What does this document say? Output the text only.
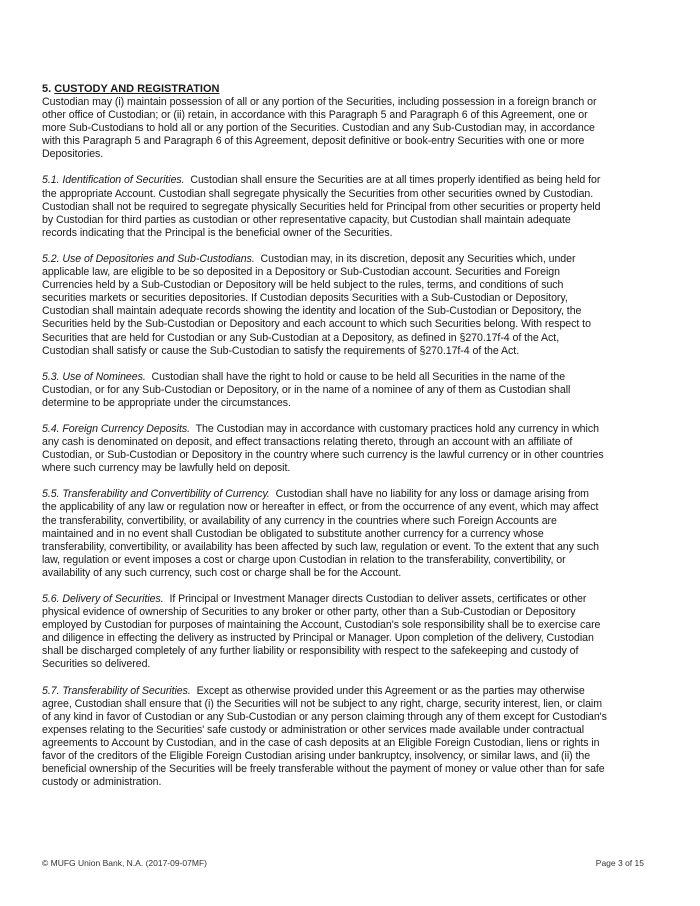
5. CUSTODY AND REGISTRATION

Custodian may (i) maintain possession of all or any portion of the Securities, including possession in a foreign branch or
other office of Custodian; or (ii) retain, in accordance with this Paragraph 5 and Paragraph 6 of this Agreement, one or
more Sub-Custodians to hold all or any portion of the Securities. Custodian and any Sub-Custodian may, in accordance
with this Paragraph 5 and Paragraph 6 of this Agreement, deposit definitive or book-entry Securities with one or more
Depositories.

5.1. Identification of Securities.  Custodian shall ensure the Securities are at all times properly identified as being held for
the appropriate Account. Custodian shall segregate physically the Securities from other securities owned by Custodian.
Custodian shall not be required to segregate physically Securities held for Principal from other securities or property held
by Custodian for third parties as custodian or other representative capacity, but Custodian shall maintain adequate
records indicating that the Principal is the beneficial owner of the Securities.

5.2. Use of Depositories and Sub-Custodians.  Custodian may, in its discretion, deposit any Securities which, under
applicable law, are eligible to be so deposited in a Depository or Sub-Custodian account. Securities and Foreign
Currencies held by a Sub-Custodian or Depository will be held subject to the rules, terms, and conditions of such
securities markets or securities depositories. If Custodian deposits Securities with a Sub-Custodian or Depository,
Custodian shall maintain adequate records showing the identity and location of the Sub-Custodian or Depository, the
Securities held by the Sub-Custodian or Depository and each account to which such Securities belong. With respect to
Securities that are held for Custodian or any Sub-Custodian at a Depository, as defined in §270.17f-4 of the Act,
Custodian shall satisfy or cause the Sub-Custodian to satisfy the requirements of §270.17f-4 of the Act.

5.3. Use of Nominees.  Custodian shall have the right to hold or cause to be held all Securities in the name of the
Custodian, or for any Sub-Custodian or Depository, or in the name of a nominee of any of them as Custodian shall
determine to be appropriate under the circumstances.

5.4. Foreign Currency Deposits.  The Custodian may in accordance with customary practices hold any currency in which
any cash is denominated on deposit, and effect transactions relating thereto, through an account with an affiliate of
Custodian, or Sub-Custodian or Depository in the country where such currency is the lawful currency or in other countries
where such currency may be lawfully held on deposit.

5.5. Transferability and Convertibility of Currency.  Custodian shall have no liability for any loss or damage arising from
the applicability of any law or regulation now or hereafter in effect, or from the occurrence of any event, which may affect
the transferability, convertibility, or availability of any currency in the countries where such Foreign Accounts are
maintained and in no event shall Custodian be obligated to substitute another currency for a currency whose
transferability, convertibility, or availability has been affected by such law, regulation or event. To the extent that any such
law, regulation or event imposes a cost or charge upon Custodian in relation to the transferability, convertibility, or
availability of any such currency, such cost or charge shall be for the Account.

5.6. Delivery of Securities.  If Principal or Investment Manager directs Custodian to deliver assets, certificates or other
physical evidence of ownership of Securities to any broker or other party, other than a Sub-Custodian or Depository
employed by Custodian for purposes of maintaining the Account, Custodian's sole responsibility shall be to exercise care
and diligence in effecting the delivery as instructed by Principal or Manager. Upon completion of the delivery, Custodian
shall be discharged completely of any further liability or responsibility with respect to the safekeeping and custody of
Securities so delivered.

5.7. Transferability of Securities.  Except as otherwise provided under this Agreement or as the parties may otherwise
agree, Custodian shall ensure that (i) the Securities will not be subject to any right, charge, security interest, lien, or claim
of any kind in favor of Custodian or any Sub-Custodian or any person claiming through any of them except for Custodian's
expenses relating to the Securities' safe custody or administration or other services made available under contractual
agreements to Account by Custodian, and in the case of cash deposits at an Eligible Foreign Custodian, liens or rights in
favor of the creditors of the Eligible Foreign Custodian arising under bankruptcy, insolvency, or similar laws, and (ii) the
beneficial ownership of the Securities will be freely transferable without the payment of money or value other than for safe
custody or administration.

© MUFG Union Bank, N.A. (2017-09-07MF)	Page 3 of 15
